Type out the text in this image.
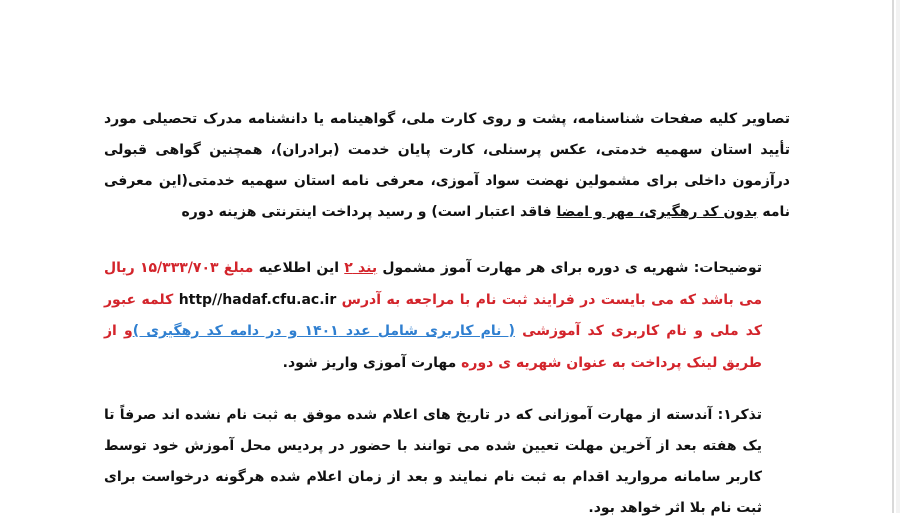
تصاویر کلیه صفحات شناسنامه، پشت و روی کارت ملی، گواهینامه یا دانشنامه مدرک تحصیلی مورد تأیید استان سهمیه خدمتی، عکس پرسنلی، کارت پایان خدمت (برادران)، همچنین گواهی قبولی درآزمون داخلی برای مشمولین نهضت سواد آموزی، معرفی نامه استان سهمیه خدمتی(این معرفی نامه بدون کد رهگیری، مهر و امضا فاقد اعتبار است) و رسید پرداخت اینترنتی هزینه دوره

توضیحات: شهریه ی دوره برای هر مهارت آموز مشمول بند ۲ این اطلاعیه مبلغ ۱۵/۳۳۳/۷۰۳ ریال می باشد که می بایست در فرایند ثبت نام با مراجعه به آدرس http//hadaf.cfu.ac.ir کلمه عبور کد ملی و نام کاربری کد آموزشی ( نام کاربری شامل عدد ۱۴۰۱ و در دامه کد رهگیری )و از طریق لینک پرداخت به عنوان شهریه ی دوره مهارت آموزی واریز شود.

تذکر۱: آندسته از مهارت آموزانی که در تاریخ های اعلام شده موفق به ثبت نام نشده اند صرفاً تا یک هفته بعد از آخرین مهلت تعیین شده می توانند با حضور در پردیس محل آموزش خود توسط کاربر سامانه مروارید اقدام به ثبت نام نمایند و بعد از زمان اعلام شده هرگونه درخواست برای ثبت نام بلا اثر خواهد بود.
